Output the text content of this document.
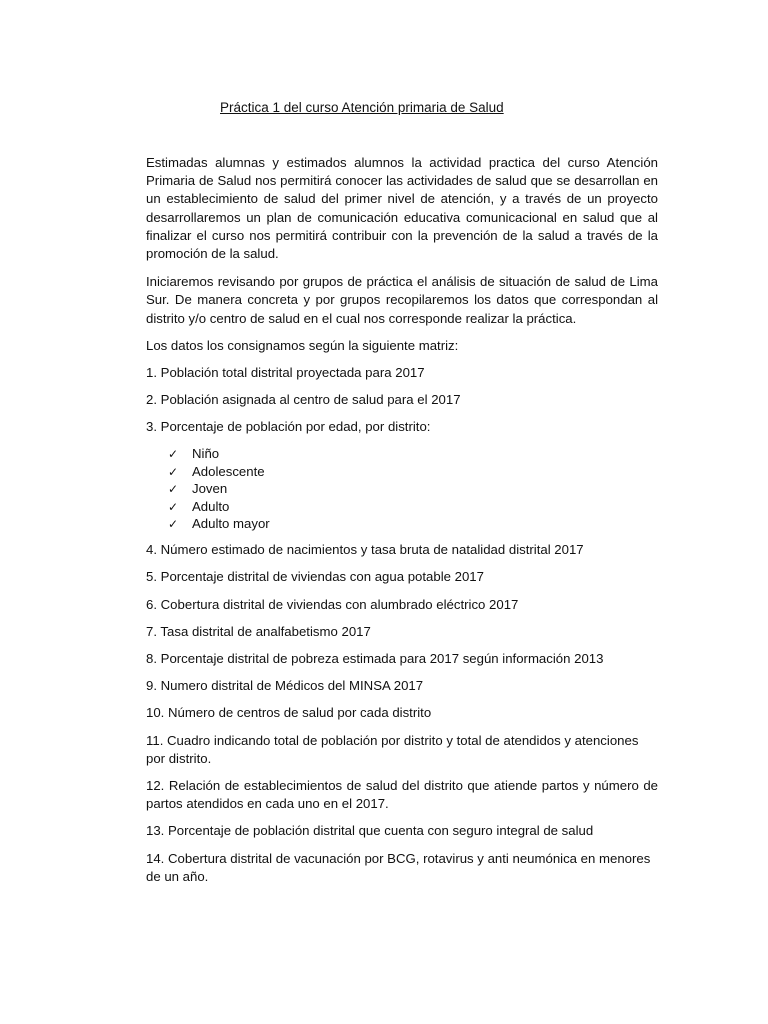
Práctica 1 del curso Atención primaria de Salud

Estimadas alumnas y estimados alumnos la actividad practica del curso Atención Primaria de Salud nos permitirá conocer las actividades de salud que se desarrollan en un establecimiento de salud del primer nivel de atención, y a través de un proyecto desarrollaremos un plan de comunicación educativa comunicacional en salud que al finalizar el curso nos permitirá contribuir con la prevención de la salud a través de la promoción de la salud.

Iniciaremos revisando por grupos de práctica el análisis de situación de salud de Lima Sur. De manera concreta y por grupos recopilaremos los datos que correspondan al distrito y/o centro de salud en el cual nos corresponde realizar la práctica.

Los datos los consignamos según la siguiente matriz:

1. Población total distrital proyectada para 2017

2. Población asignada al centro de salud para el 2017

3. Porcentaje de población por edad, por distrito:

✓	Niño
✓	Adolescente
✓	Joven
✓	Adulto
✓	Adulto mayor

4. Número estimado de nacimientos y tasa bruta de natalidad distrital 2017

5. Porcentaje distrital de viviendas con agua potable 2017

6. Cobertura distrital de viviendas con alumbrado eléctrico 2017

7. Tasa distrital de analfabetismo 2017

8. Porcentaje distrital de pobreza estimada para 2017 según información 2013

9. Numero distrital de Médicos del MINSA 2017

10. Número de centros de salud por cada distrito

11. Cuadro indicando total de población por distrito y total de atendidos y atenciones por distrito.

12. Relación de establecimientos de salud del distrito que atiende partos y número de partos atendidos en cada uno en el 2017.

13. Porcentaje de población distrital que cuenta con seguro integral de salud

14. Cobertura distrital de vacunación por BCG, rotavirus y anti neumónica en menores de un año.
